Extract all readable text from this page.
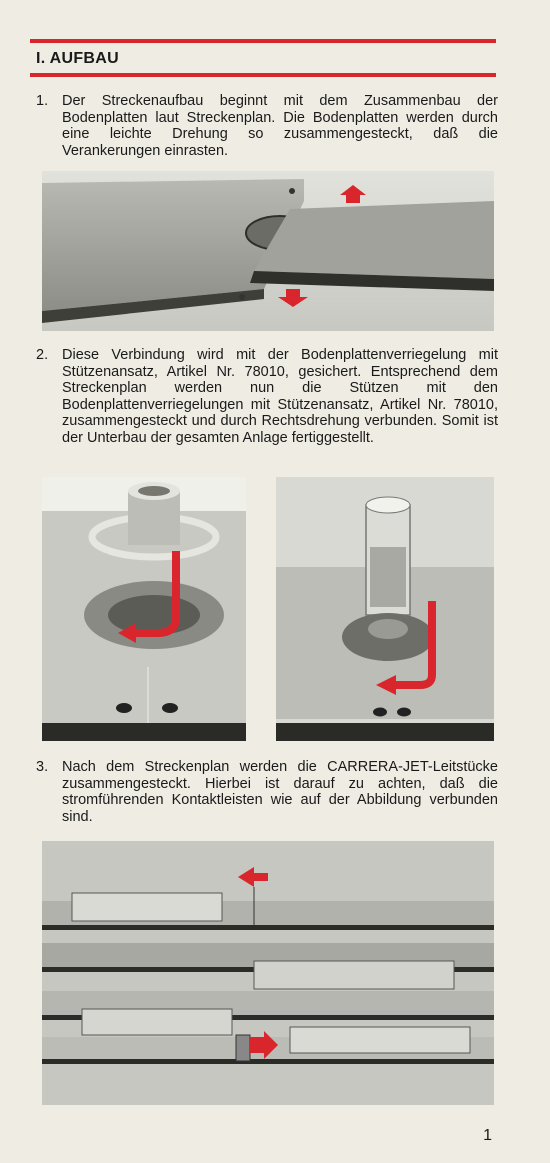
I. AUFBAU
1. Der Streckenaufbau beginnt mit dem Zusammenbau der Bodenplatten laut Streckenplan. Die Bodenplatten werden durch eine leichte Drehung so zusammengesteckt, daß die Verankerungen einrasten.
2. Diese Verbindung wird mit der Bodenplattenverriegelung mit Stützenansatz, Artikel Nr. 78010, gesichert. Entsprechend dem Streckenplan werden nun die Stützen mit den Bodenplattenverriegelungen mit Stützenansatz, Artikel Nr. 78010, zusammengesteckt und durch Rechtsdrehung verbunden. Somit ist der Unterbau der gesamten Anlage fertiggestellt.
3. Nach dem Streckenplan werden die CARRERA-JET-Leitstücke zusammengesteckt. Hierbei ist darauf zu achten, daß die stromführenden Kontaktleisten wie auf der Abbildung verbunden sind.
1
